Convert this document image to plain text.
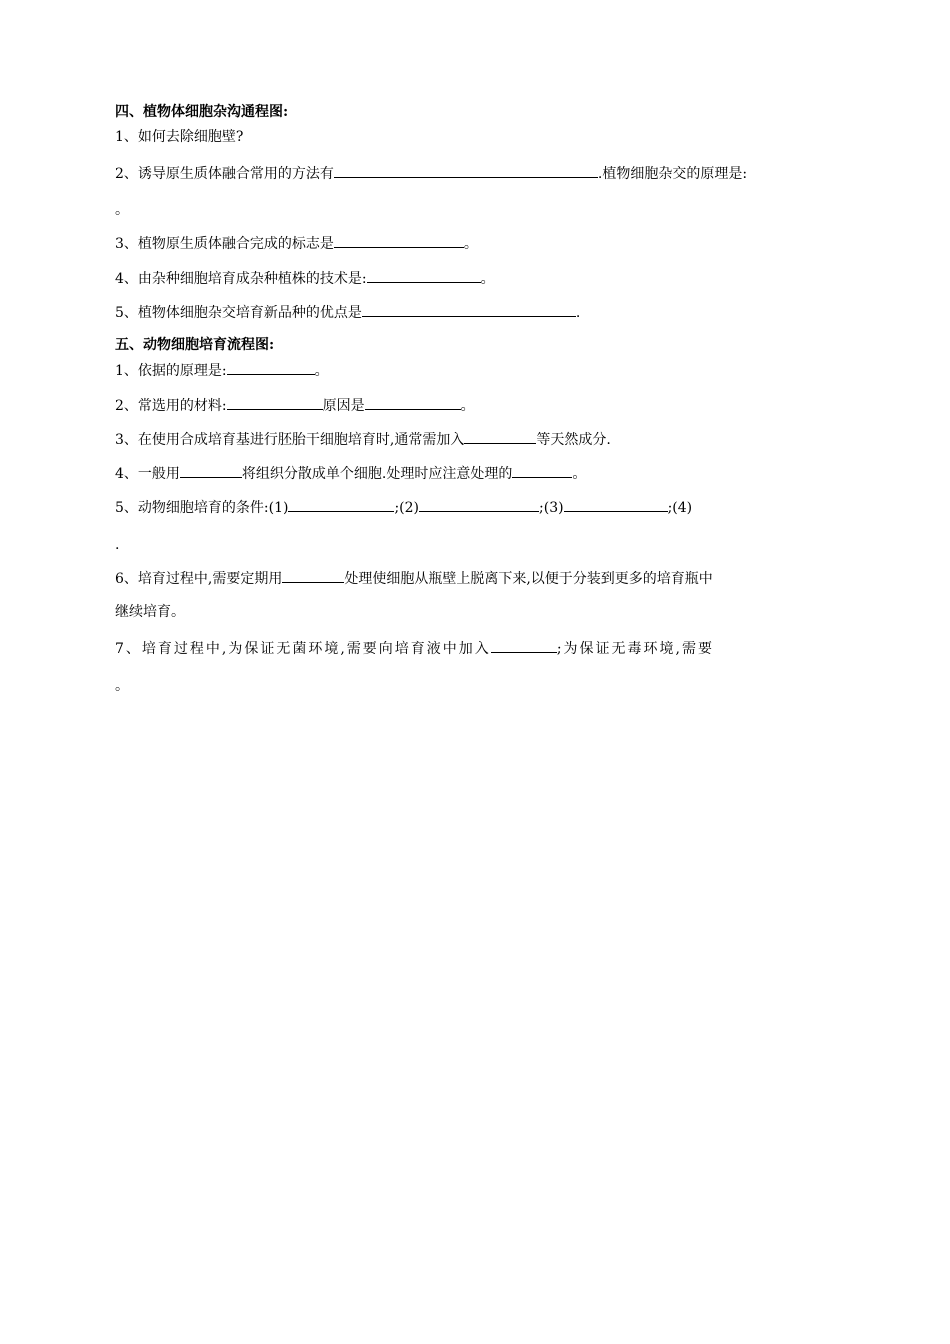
四、植物体细胞杂沟通程图:
1、如何去除细胞壁?
2、诱导原生质体融合常用的方法有	.植物细胞杂交的原理是:
。
3、植物原生质体融合完成的标志是	。
4、由杂种细胞培育成杂种植株的技术是:	。
5、植物体细胞杂交培育新品种的优点是	.
五、动物细胞培育流程图:
1、依据的原理是:	。
2、常选用的材料:	原因是	。
3、在使用合成培育基进行胚胎干细胞培育时,通常需加入	等天然成分.
4、一般用	将组织分散成单个细胞.处理时应注意处理的	。
5、动物细胞培育的条件:(1)	;(2)	;(3)	;(4)
.
6、培育过程中,需要定期用	处理使细胞从瓶壁上脱离下来,以便于分装到更多的培育瓶中
继续培育。
7、培育过程中,为保证无菌环境,需要向培育液中加入	;为保证无毒环境,需要
。
